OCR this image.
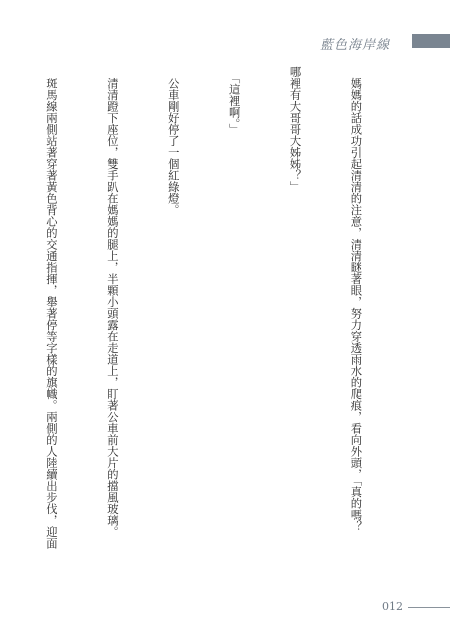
藍色海岸線

　媽媽的話成功引起清清的注意，清清瞇著眼，努力穿透雨水的爬痕，看向外頭，「真的嗎？

哪裡有大哥哥大姊姊？」

　「這裡啊。」

　公車剛好停了一個紅綠燈。

　清清蹬下座位，雙手趴在媽媽的腿上，半顆小頭露在走道上，盯著公車前大片的擋風玻璃。

　斑馬線兩側站著穿著黃色背心的交通指揮，舉著停等字樣的旗幟。兩側的人陸續出步伐，迎面

012
